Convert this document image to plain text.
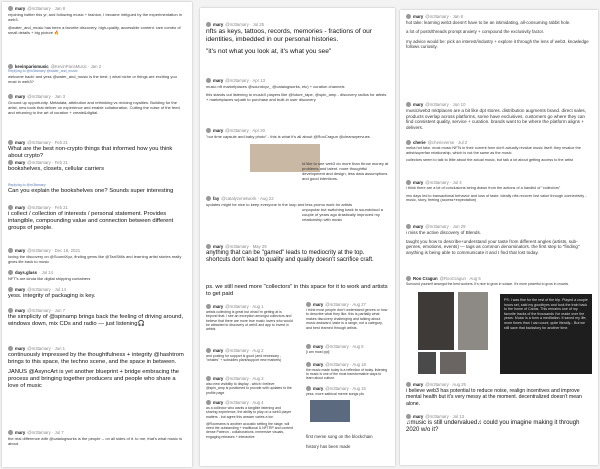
mary @m3tamary · Jan 8
rejoining twitter this yr, and following music + fashion, I became intrigued by the experimentation in web3.
@water_and_music has been a favorite discovery. high-quality, accessible content. rare combo of small details + big picture 🔥
kevinparismusic @KevinParisMusic · Jan 2
Replying to @m3tamary @water_and_music
welcome back! and yess @water_and_music is the best :) what niche or things are exciting you most in web3?
mary @m3tamary · Jan 3
Ground up opportunity. Metadata, attribution and rethinking vs redoing royalties. Building for the artist, new tools that deliver on experience and enable collaboration. Cutting the noise of the feed and returning to the art of curation + create&digital.
mary @m3tamary · Feb 21
What are the best non-crypto things that informed how you think about crypto?
mary @m3tamary · Feb 21
bookshelves, closets, cellular carriers
Replying to @m3tamary
Can you explain the bookshelves one? Sounds super interesting
mary @m3tamary · Feb 21
i collect / collection of interests / personal statement. Provides intangible, compounding value and connection between different groups of people.
mary @m3tamary · Dec 18, 2021
loving the discovery on @SoundXyz, finding gems like @TaxiStills and learning artist stories really gives life back to music
days.glass · Jul 14
NFT's are kinda like digital shipping containers
mary @m3tamary · Jul 14
yess. integrity of packaging is key.
mary @m3tamary · Jun 7
the simplicity of @spinamp brings back the feeling of driving around, windows down, mix CDs and radio — just listening🎧
mary @m3tamary · Jun 1
continuously impressed by the thoughtfulness + integrity @hashtrom brings to this space, the techno scene, and the space in between.
JANUS @AsyncArt is yet another blueprint + bridge embracing the process and bringing together producers and people who share a love of music
mary @m3tamary · Jul 7
the real difference with @catalogworks is the people -- on all sides of it. to me, that's what music is about.
mary @m3tamary · Jul 25
nfts as keys, tattoos, records, memories - fractions of our identities, imbedded in our personal histories.
"it's not what you look at, it's what you see"
mary @m3tamary · Apr 13
music nft marketplaces @soundxyz_ @catalogworks, etc) + curation channels
this stands out listening to musicX players like @future_tape, @spin_amp - discovery radios for artists + marketplaces w/path to purchase and built-in user discovery
mary @m3tamary · Apr 20
"our time capsule and baby photo" - this is what it's all about @RooCragun @cleanwpervues
Id like to see web3 do more than throw money at problems and talent. more thoughtful development and design, less data assumptions and good intentions.
fay @catalyzenetwork · Aug 22
updates might be nice to keep everyone in the loop and less promo work for artists
unpopular but switching back to soundcloud a couple of years ago drastically improved my relationship with music
mary @m3tamary · May 29
anything that can be "gamed" leads to mediocrity at the top. shortcuts don't lead to quality and quality doesn't sacrifice craft.
ps. we still need more "collectors" in this space for it to work and artists to get paid
mary @m3tamary · Aug 1
artists collecting is great but what i'm getting at is beyond that. i see an exception amongst collectors and believe that there are more true music lovers who would be attracted to discovery of web3 and app to invest in artists
mary @m3tamary · Aug 2
and posting for support is good (and necessary - "whales" + subsidies plant/support new markets)
mary @m3tamary · Aug 3
also new visibility to display - which i believe @spin_amp is positioned to provide with updates to the profile page
mary @m3tamary · Aug 4
as a collector who wants a tangible listening and sharing experience, the ability to play on a web3 player matters - but agree this answer varies a ton
@Rooreams is another acoustic setting the stage, will need the outstanding + traditional & NFTRP and content dense Patreon - collaborations, immersive visuals, engaging releases + interactive
mary @m3tamary · Aug 27
i think most people don't understand genres or how to describe what they like. this is partially what makes discovery challenging and talking about music awkward. taste is a range, not a category, and best learned through artists.
mary @m3tamary · Aug 5
[i am most ppl]
mary @m3tamary · Aug 18
the music made today is a reflection of today. listening to music is one of the most transformative ways to learn about culture.
mary @m3tamary · Aug 15
yess. more satirical meme songs pls
first meme song on the blockchain
history has been made
mary @m3tamary · Jan 8
hot take: learning web3 doesn't have to be an intimidating, all-consuming rabbit hole.
a lot of posts/threads prompt anxiety + compound the exclusivity factor.
my advice would be: pick an interest/industry + explore it through the lens of web3. knowledge follows curiosity.
mary @m3tamary · Jun 10
music/web3 mktplaces are a bit like dpt stores. distribution augments brand. direct sales, products overlap across platforms, some have exclusives. customers go where they can find consistent quality, service + curation. brands want to be where the platform aligns + delivers.
cherie @cherieverse · Jul 2
meba hot take. most music NFTs in their current form don't actually revalue music itself. they revalue the artist/superfan relationship, which is not the same as the music
collectors seem to talk to little about the actual music, but talk a lot about getting access to the artist
mary @m3tamary · Jul 4
i think there are a lot of conclusions being drawn from the actions of a handful of "collectors"
imo days led to transactional behavior and loss of taste. ideally nfts recover lost value through connectivity - music, story, feeling (access+expectation)
mary @m3tamary · Jun 29
i miss the active discovery of Blends.
taught you how to describe+understand your taste from different angles (artists, sub-genres, emotions, events) — tags as common denominators. the first step to "finding" anything is being able to communicate it and I find that lost today.
Roo Cragun @RooCragun · Aug 5
Surround yourself amongst the best workers. It's nice to grow in solace. It's more powerful to grow in crowds.
PS: I was fine for the rest of the trip. Played a couple hours set, said my goodbyes and took the train back to the home of Carlos. This remains one of my favorite tracks of the thousands i've made over the years. Music is a form a meditation. It saved my life, more times than I can count, quite literally... But we still save that backstory for another time.
mary @m3tamary · Aug 25
i believe web3 has potential to reduce noise, realign incentives and improve mental health but it's very messy at the moment. decentralized doesn't mean alone.
mary @m3tamary · Jul 13
♫music is still undervalued♫ could you imagine making it through 2020 w/o it?
